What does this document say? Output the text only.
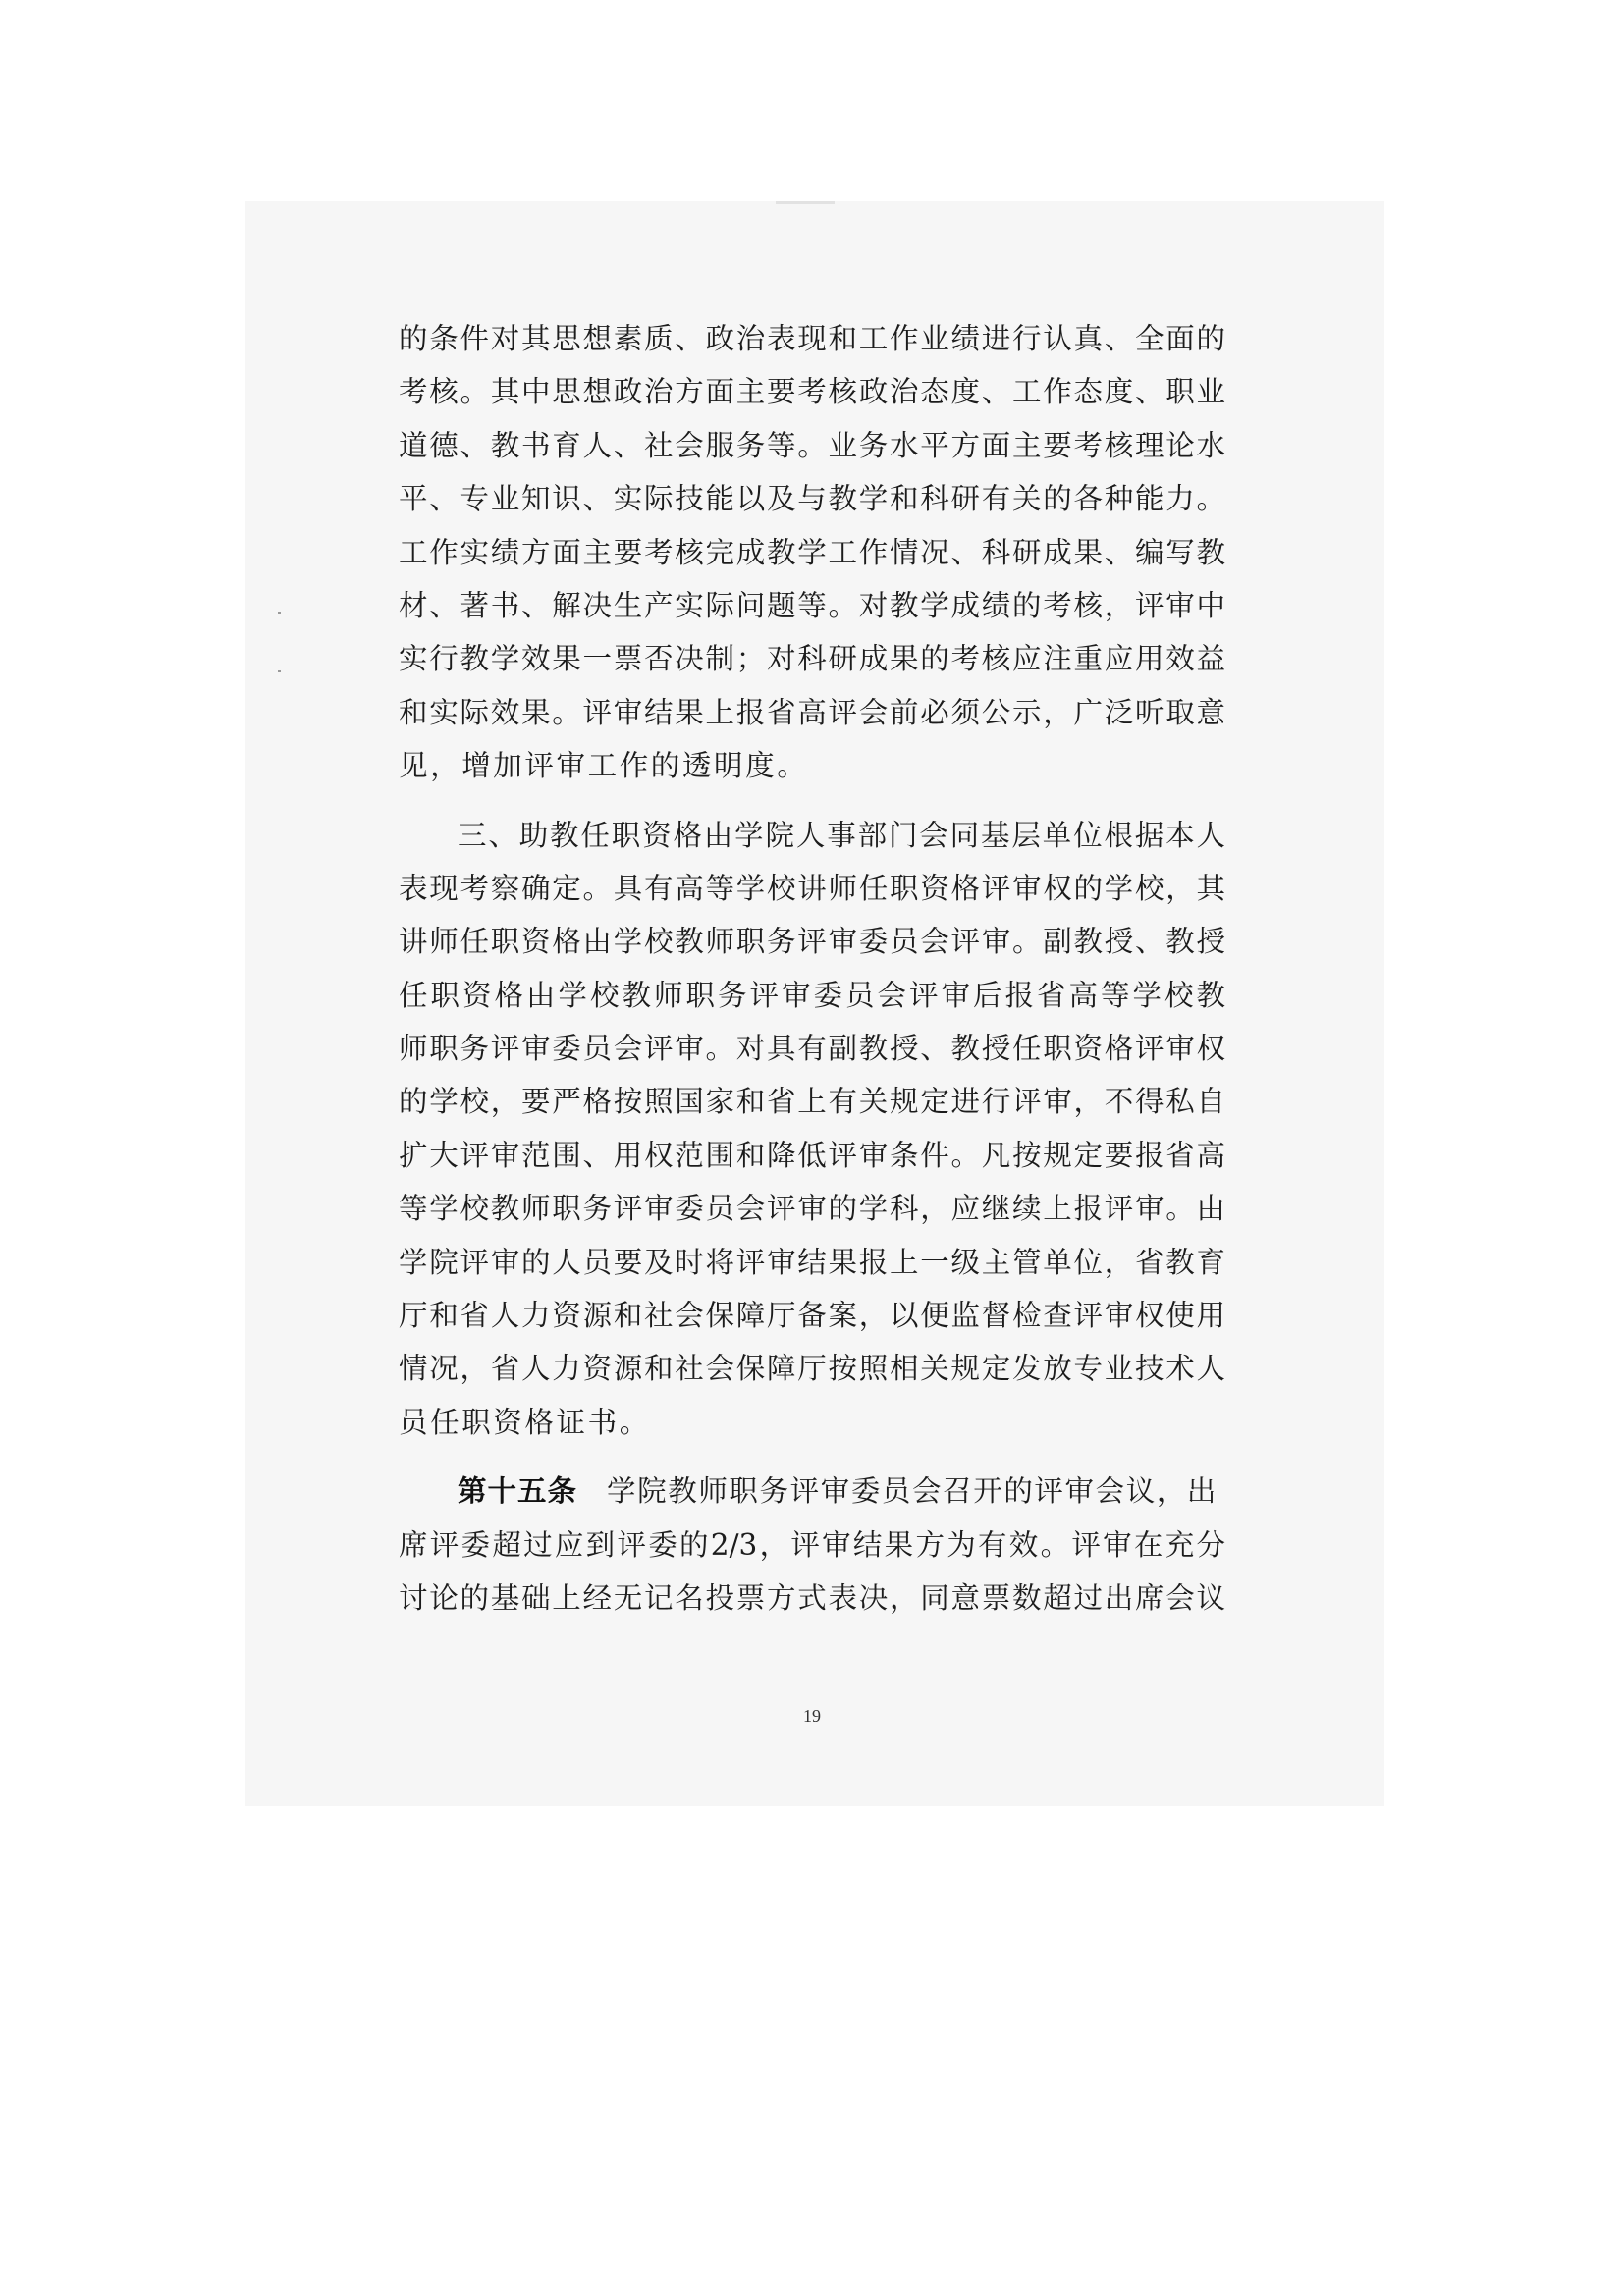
的条件对其思想素质、政治表现和工作业绩进行认真、全面的
考核。其中思想政治方面主要考核政治态度、工作态度、职业
道德、教书育人、社会服务等。业务水平方面主要考核理论水
平、专业知识、实际技能以及与教学和科研有关的各种能力。
工作实绩方面主要考核完成教学工作情况、科研成果、编写教
材、著书、解决生产实际问题等。对教学成绩的考核，评审中
实行教学效果一票否决制；对科研成果的考核应注重应用效益
和实际效果。评审结果上报省高评会前必须公示，广泛听取意
见，增加评审工作的透明度。
三、助教任职资格由学院人事部门会同基层单位根据本人
表现考察确定。具有高等学校讲师任职资格评审权的学校，其
讲师任职资格由学校教师职务评审委员会评审。副教授、教授
任职资格由学校教师职务评审委员会评审后报省高等学校教
师职务评审委员会评审。对具有副教授、教授任职资格评审权
的学校，要严格按照国家和省上有关规定进行评审，不得私自
扩大评审范围、用权范围和降低评审条件。凡按规定要报省高
等学校教师职务评审委员会评审的学科，应继续上报评审。由
学院评审的人员要及时将评审结果报上一级主管单位，省教育
厅和省人力资源和社会保障厅备案，以便监督检查评审权使用
情况，省人力资源和社会保障厅按照相关规定发放专业技术人
员任职资格证书。
第十五条 学院教师职务评审委员会召开的评审会议，出
席评委超过应到评委的2/3，评审结果方为有效。评审在充分
讨论的基础上经无记名投票方式表决，同意票数超过出席会议
19
